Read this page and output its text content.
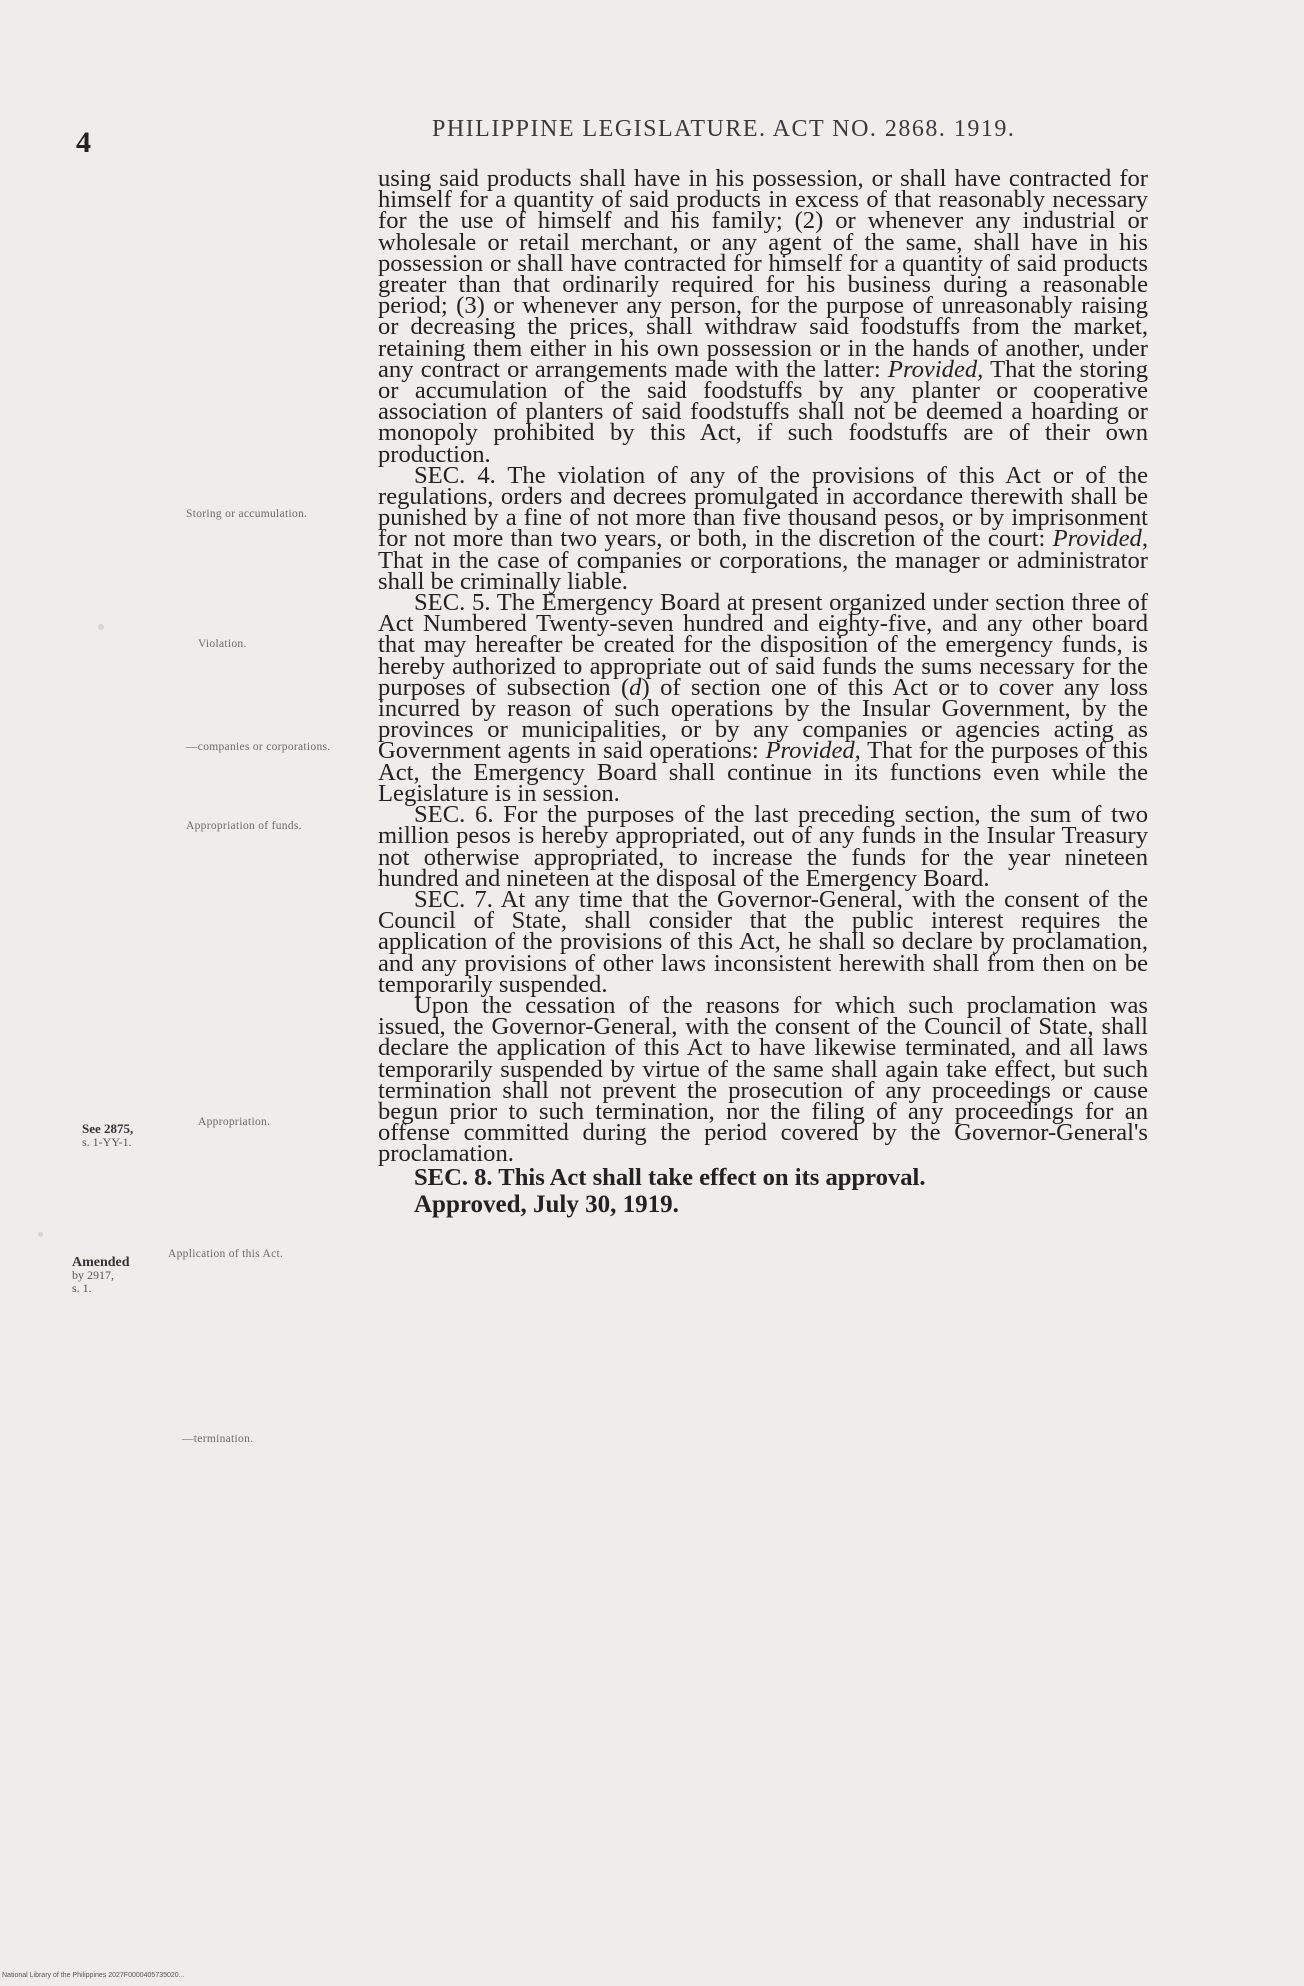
4	PHILIPPINE LEGISLATURE. ACT NO. 2868. 1919.
Storing or accumulation.
Violation.
—companies or corporations.
Appropriation of funds.
Appropriation.
Application of this Act.
—termination.
See 2875,
s. 1-YY-1.
Amended
by 2917,
s. 1.

using said products shall have in his possession, or shall have contracted for himself for a quantity of said products in excess of that reasonably necessary for the use of himself and his family; (2) or whenever any industrial or wholesale or retail merchant, or any agent of the same, shall have in his possession or shall have contracted for himself for a quantity of said products greater than that ordinarily required for his business during a reasonable period; (3) or whenever any person, for the purpose of unreasonably raising or decreasing the prices, shall withdraw said foodstuffs from the market, retaining them either in his own possession or in the hands of another, under any contract or arrangements made with the latter: Provided, That the storing or accumulation of the said foodstuffs by any planter or cooperative association of planters of said foodstuffs shall not be deemed a hoarding or monopoly prohibited by this Act, if such foodstuffs are of their own production.

SEC. 4. The violation of any of the provisions of this Act or of the regulations, orders and decrees promulgated in accordance therewith shall be punished by a fine of not more than five thousand pesos, or by imprisonment for not more than two years, or both, in the discretion of the court: Provided, That in the case of companies or corporations, the manager or administrator shall be criminally liable.

SEC. 5. The Emergency Board at present organized under section three of Act Numbered Twenty-seven hundred and eighty-five, and any other board that may hereafter be created for the disposition of the emergency funds, is hereby authorized to appropriate out of said funds the sums necessary for the purposes of subsection (d) of section one of this Act or to cover any loss incurred by reason of such operations by the Insular Government, by the provinces or municipalities, or by any companies or agencies acting as Government agents in said operations: Provided, That for the purposes of this Act, the Emergency Board shall continue in its functions even while the Legislature is in session.

SEC. 6. For the purposes of the last preceding section, the sum of two million pesos is hereby appropriated, out of any funds in the Insular Treasury not otherwise appropriated, to increase the funds for the year nineteen hundred and nineteen at the disposal of the Emergency Board.

SEC. 7. At any time that the Governor-General, with the consent of the Council of State, shall consider that the public interest requires the application of the provisions of this Act, he shall so declare by proclamation, and any provisions of other laws inconsistent herewith shall from then on be temporarily suspended.

Upon the cessation of the reasons for which such proclamation was issued, the Governor-General, with the consent of the Council of State, shall declare the application of this Act to have likewise terminated, and all laws temporarily suspended by virtue of the same shall again take effect, but such termination shall not prevent the prosecution of any proceedings or cause begun prior to such termination, nor the filing of any proceedings for an offense committed during the period covered by the Governor-General's proclamation.

SEC. 8. This Act shall take effect on its approval.

Approved, July 30, 1919.

National Library of the Philippines 2027F0000405735020...
